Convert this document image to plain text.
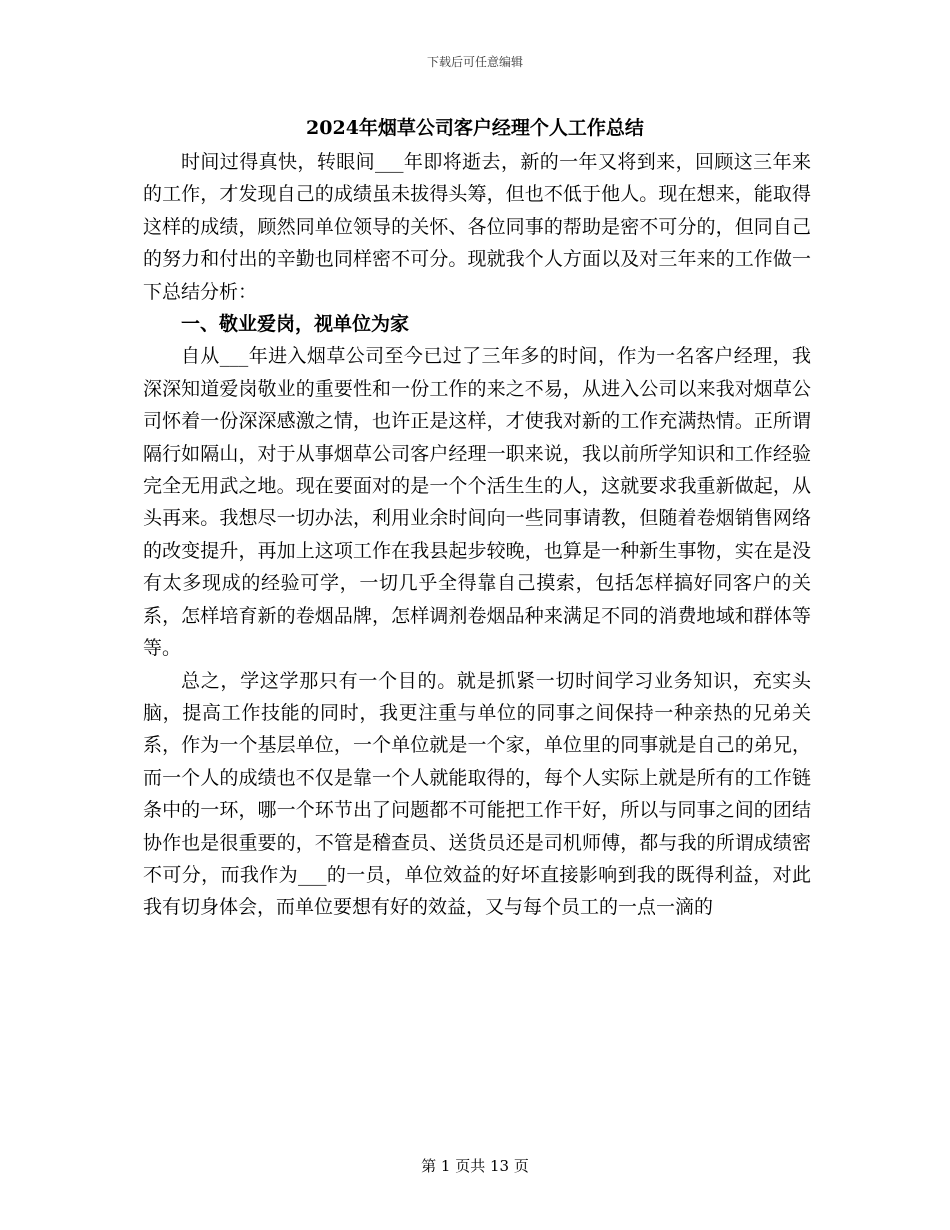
下载后可任意编辑
2024年烟草公司客户经理个人工作总结

时间过得真快，转眼间___年即将逝去，新的一年又将到来，回顾这三年来的工作，才发现自己的成绩虽未拔得头筹，但也不低于他人。现在想来，能取得这样的成绩，顾然同单位领导的关怀、各位同事的帮助是密不可分的，但同自己的努力和付出的辛勤也同样密不可分。现就我个人方面以及对三年来的工作做一下总结分析：

一、敬业爱岗，视单位为家

自从___年进入烟草公司至今已过了三年多的时间，作为一名客户经理，我深深知道爱岗敬业的重要性和一份工作的来之不易，从进入公司以来我对烟草公司怀着一份深深感激之情，也许正是这样，才使我对新的工作充满热情。正所谓隔行如隔山，对于从事烟草公司客户经理一职来说，我以前所学知识和工作经验完全无用武之地。现在要面对的是一个个活生生的人，这就要求我重新做起，从头再来。我想尽一切办法，利用业余时间向一些同事请教，但随着卷烟销售网络的改变提升，再加上这项工作在我县起步较晚，也算是一种新生事物，实在是没有太多现成的经验可学，一切几乎全得靠自己摸索，包括怎样搞好同客户的关系，怎样培育新的卷烟品牌，怎样调剂卷烟品种来满足不同的消费地域和群体等等。

总之，学这学那只有一个目的。就是抓紧一切时间学习业务知识，充实头脑，提高工作技能的同时，我更注重与单位的同事之间保持一种亲热的兄弟关系，作为一个基层单位，一个单位就是一个家，单位里的同事就是自己的弟兄，而一个人的成绩也不仅是靠一个人就能取得的，每个人实际上就是所有的工作链条中的一环，哪一个环节出了问题都不可能把工作干好，所以与同事之间的团结协作也是很重要的，不管是稽查员、送货员还是司机师傅，都与我的所谓成绩密不可分，而我作为___的一员，单位效益的好坏直接影响到我的既得利益，对此我有切身体会，而单位要想有好的效益，又与每个员工的一点一滴的

第 1 页共 13 页
